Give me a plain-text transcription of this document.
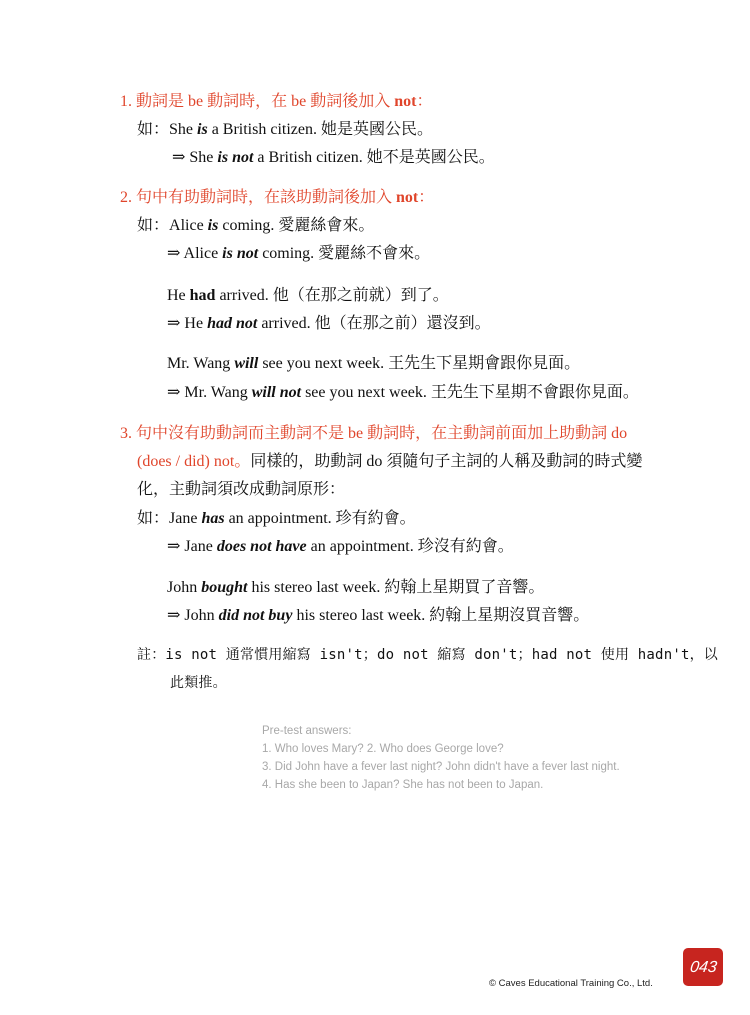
1. 動詞是 be 動詞時，在 be 動詞後加入 not：
如：She is a British citizen. 她是英國公民。
⇒ She is not a British citizen. 她不是英國公民。
2. 句中有助動詞時，在該助動詞後加入 not：
如：Alice is coming. 愛麗絲會來。
⇒ Alice is not coming. 愛麗絲不會來。
He had arrived. 他（在那之前就）到了。
⇒ He had not arrived. 他（在那之前）還沒到。
Mr. Wang will see you next week. 王先生下星期會跟你見面。
⇒ Mr. Wang will not see you next week. 王先生下星期不會跟你見面。
3. 句中沒有助動詞而主動詞不是 be 動詞時，在主動詞前面加上助動詞 do
(does / did) not。同樣的，助動詞 do 須隨句子主詞的人稱及動詞的時式變
化，主動詞須改成動詞原形：
如：Jane has an appointment. 珍有約會。
⇒ Jane does not have an appointment. 珍沒有約會。
John bought his stereo last week. 約翰上星期買了音響。
⇒ John did not buy his stereo last week. 約翰上星期沒買音響。
註：is not 通常慣用縮寫 isn't；do not 縮寫 don't；had not 使用 hadn't，以
此類推。
Pre-test answers:
1. Who loves Mary? 2. Who does George love?
3. Did John have a fever last night? John didn't have a fever last night.
4. Has she been to Japan? She has not been to Japan.
© Caves Educational Training Co., Ltd.
043
